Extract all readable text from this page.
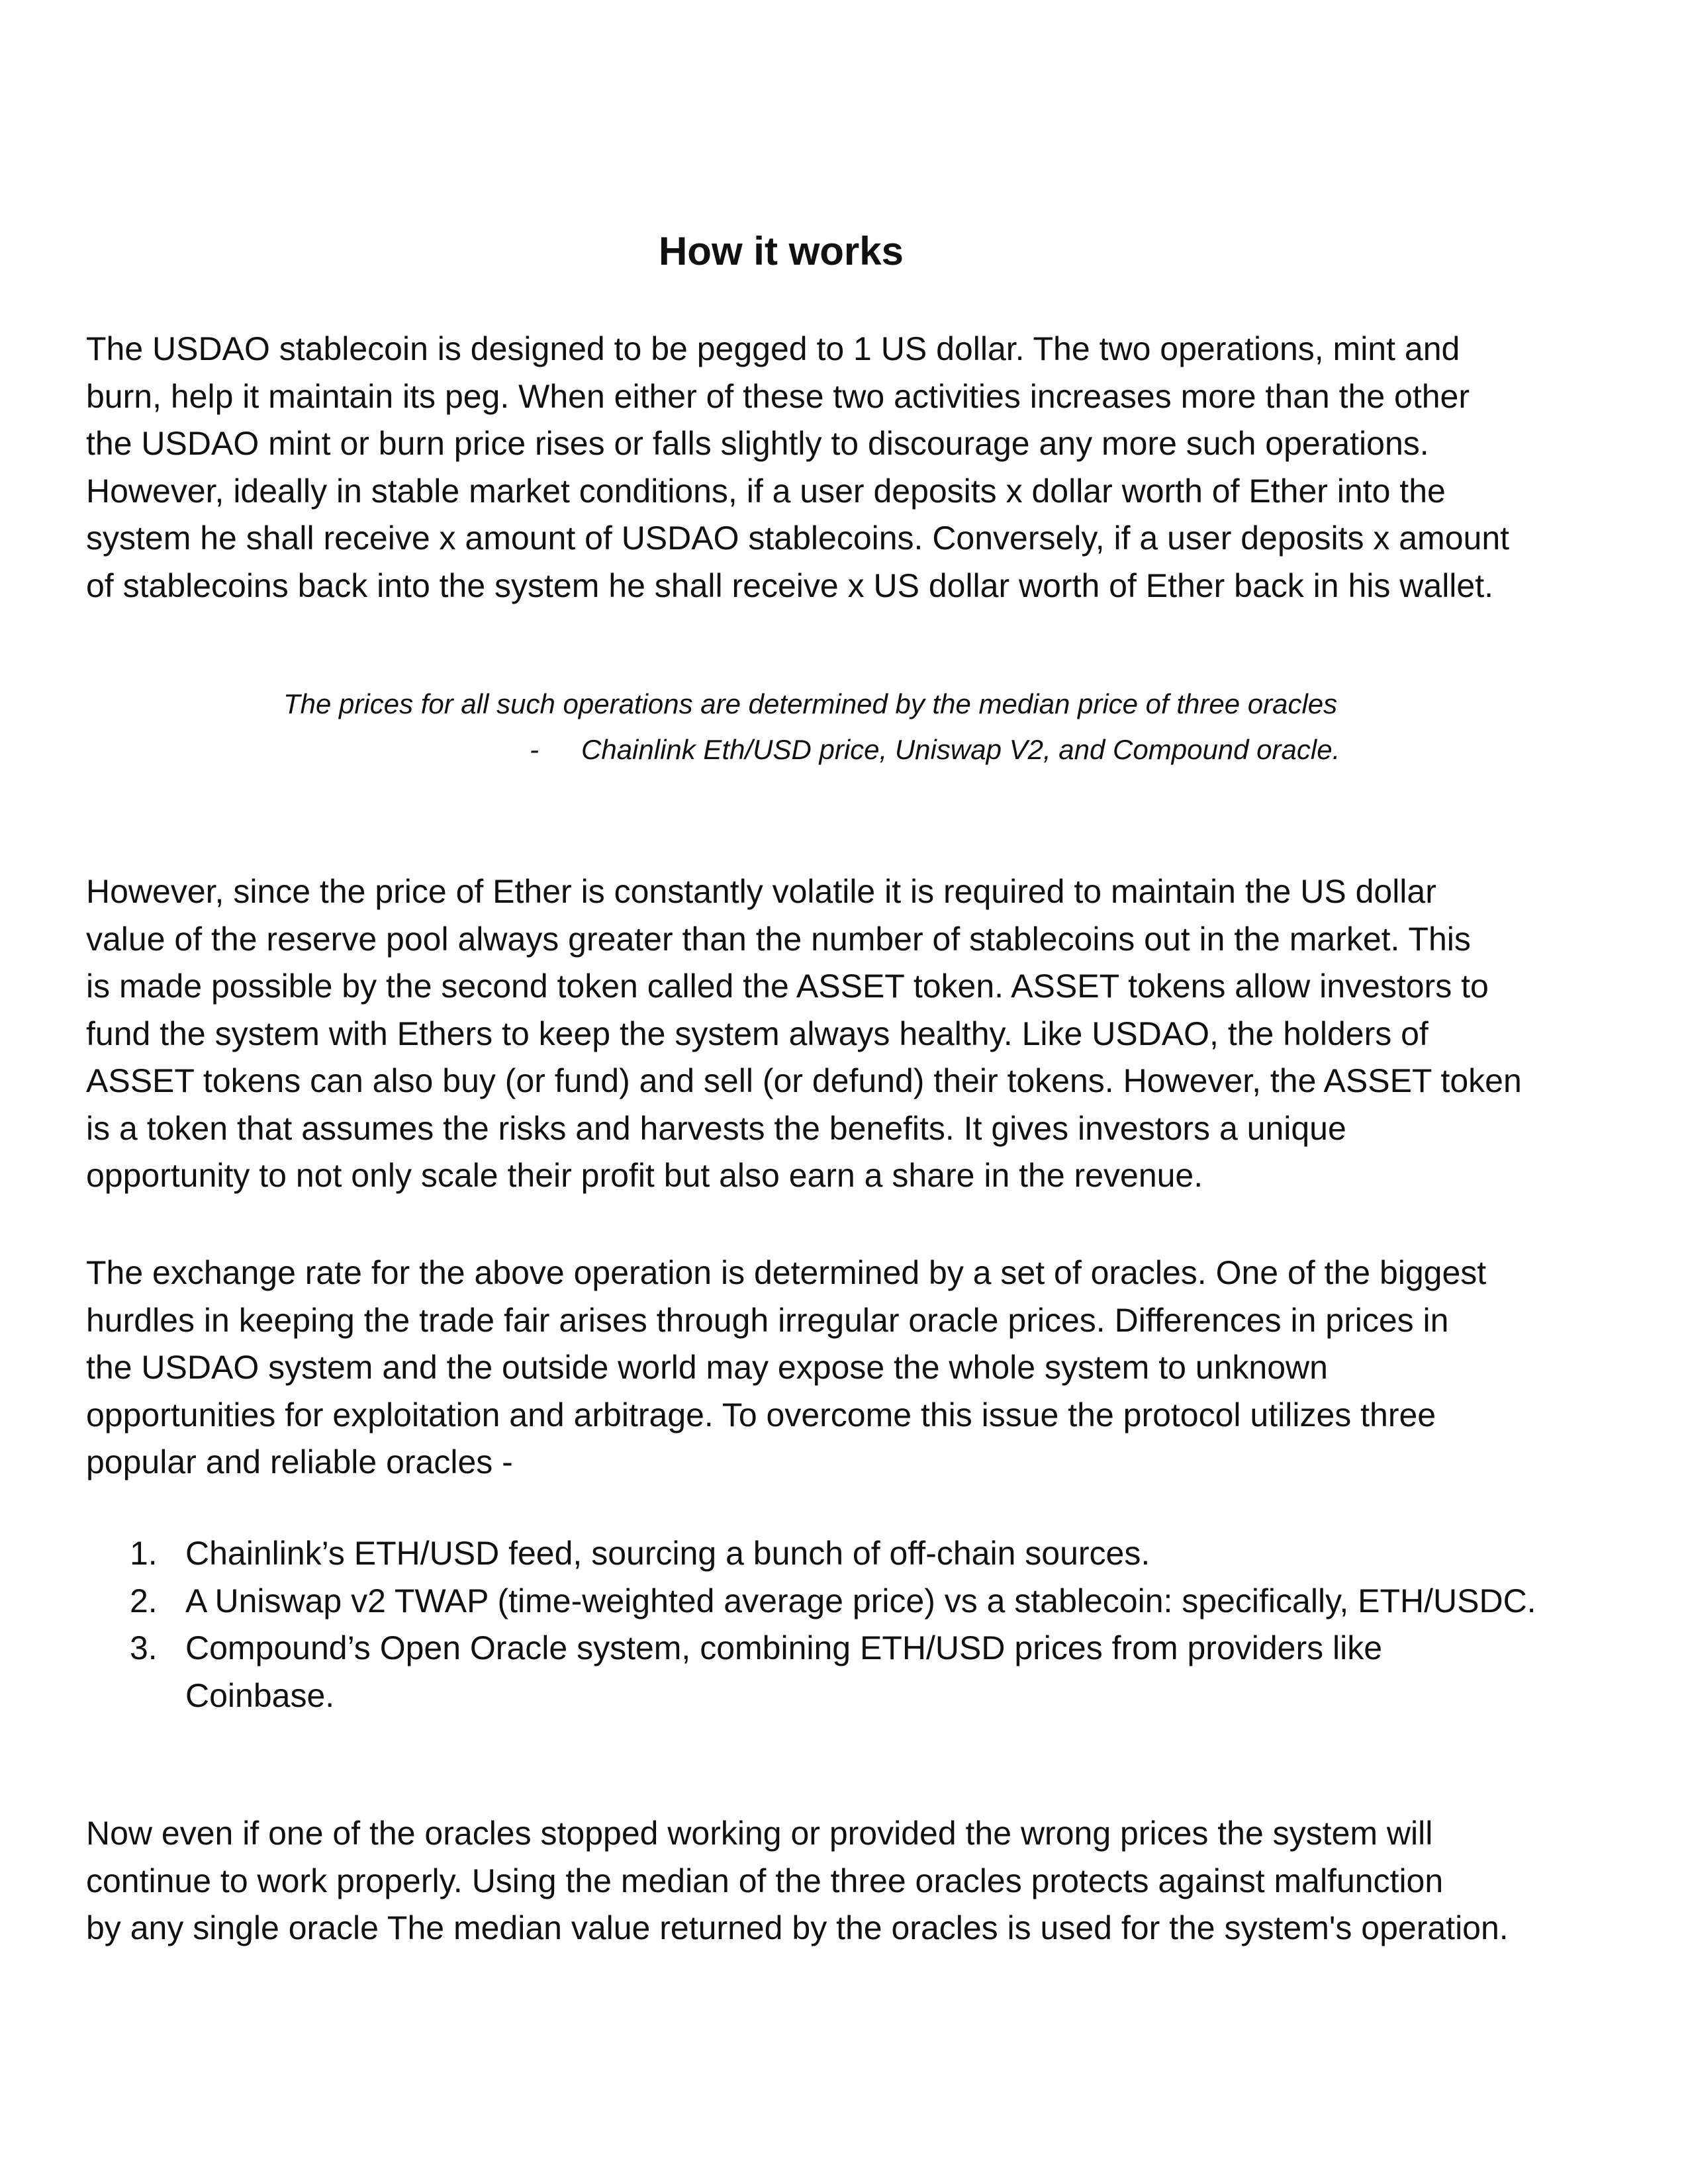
How it works

The USDAO stablecoin is designed to be pegged to 1 US dollar. The two operations, mint and
burn, help it maintain its peg. When either of these two activities increases more than the other
the USDAO mint or burn price rises or falls slightly to discourage any more such operations.
However, ideally in stable market conditions, if a user deposits x dollar worth of Ether into the
system he shall receive x amount of USDAO stablecoins. Conversely, if a user deposits x amount
of stablecoins back into the system he shall receive x US dollar worth of Ether back in his wallet.

The prices for all such operations are determined by the median price of three oracles
- Chainlink Eth/USD price, Uniswap V2, and Compound oracle.

However, since the price of Ether is constantly volatile it is required to maintain the US dollar
value of the reserve pool always greater than the number of stablecoins out in the market. This
is made possible by the second token called the ASSET token. ASSET tokens allow investors to
fund the system with Ethers to keep the system always healthy. Like USDAO, the holders of
ASSET tokens can also buy (or fund) and sell (or defund) their tokens. However, the ASSET token
is a token that assumes the risks and harvests the benefits. It gives investors a unique
opportunity to not only scale their profit but also earn a share in the revenue.

The exchange rate for the above operation is determined by a set of oracles. One of the biggest
hurdles in keeping the trade fair arises through irregular oracle prices. Differences in prices in
the USDAO system and the outside world may expose the whole system to unknown
opportunities for exploitation and arbitrage. To overcome this issue the protocol utilizes three
popular and reliable oracles -

1. Chainlink’s ETH/USD feed, sourcing a bunch of off-chain sources.
2. A Uniswap v2 TWAP (time-weighted average price) vs a stablecoin: specifically, ETH/USDC.
3. Compound’s Open Oracle system, combining ETH/USD prices from providers like
Coinbase.

Now even if one of the oracles stopped working or provided the wrong prices the system will
continue to work properly. Using the median of the three oracles protects against malfunction
by any single oracle The median value returned by the oracles is used for the system's operation.
